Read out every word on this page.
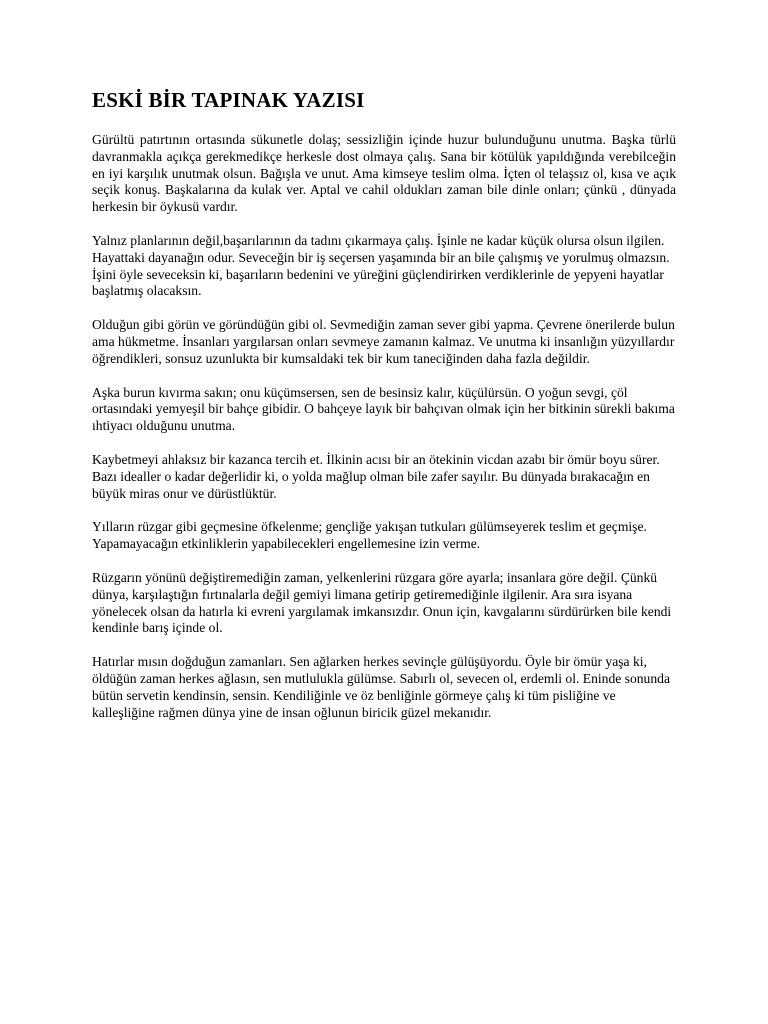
ESKİ BİR TAPINAK YAZISI

Gürültü patırtının ortasında sükunetle dolaş; sessizliğin içinde huzur bulunduğunu unutma. Başka türlü davranmakla açıkça gerekmedikçe herkesle dost olmaya çalış. Sana bir kötülük yapıldığında verebilceğin en iyi karşılık unutmak olsun. Bağışla ve unut. Ama kimseye teslim olma. İçten ol telaşsız ol, kısa ve açık seçik konuş. Başkalarına da kulak ver. Aptal ve cahil oldukları zaman bile dinle onları; çünkü , dünyada herkesin bir öykusü vardır.

Yalnız planlarının değil,başarılarının da tadını çıkarmaya çalış. İşinle ne kadar küçük olursa olsun ilgilen. Hayattaki dayanağın odur. Seveceğin bir iş seçersen yaşamında bir an bile çalışmış ve yorulmuş olmazsın. İşini öyle seveceksin ki, başarıların bedenini ve yüreğini güçlendirirken verdiklerinle de yepyeni hayatlar başlatmış olacaksın.

Olduğun gibi görün ve göründüğün gibi ol. Sevmediğin zaman sever gibi yapma. Çevrene önerilerde bulun ama hükmetme. İnsanları yargılarsan onları sevmeye zamanın kalmaz. Ve unutma ki insanlığın yüzyıllardır öğrendikleri, sonsuz uzunlukta bir kumsaldaki tek bir kum taneciğinden daha fazla değildir.

Aşka burun kıvırma sakın; onu küçümsersen, sen de besinsiz kalır, küçülürsün. O yoğun sevgi, çöl ortasındaki yemyeşil bir bahçe gibidir. O bahçeye layık bir bahçıvan olmak için her bitkinin sürekli bakıma ıhtiyacı olduğunu unutma.

Kaybetmeyi ahlaksız bir kazanca tercih et. İlkinin acısı bir an ötekinin vicdan azabı bir ömür boyu sürer. Bazı idealler o kadar değerlidir ki, o yolda mağlup olman bile zafer sayılır. Bu dünyada bırakacağın en büyük miras onur ve dürüstlüktür.

Yılların rüzgar gibi geçmesine öfkelenme; gençliğe yakışan tutkuları gülümseyerek teslim et geçmişe. Yapamayacağın etkinliklerin yapabilecekleri engellemesine izin verme.

Rüzgarın yönünü değiştiremediğin zaman, yelkenlerini rüzgara göre ayarla; insanlara göre değil. Çünkü dünya, karşılaştığın fırtınalarla değil gemiyi limana getirip getiremediğinle ilgilenir. Ara sıra isyana yönelecek olsan da hatırla ki evreni yargılamak imkansızdır. Onun için, kavgalarını sürdürürken bile kendi kendinle barış içinde ol.

Hatırlar mısın doğduğun zamanları. Sen ağlarken herkes sevinçle gülüşüyordu. Öyle bir ömür yaşa ki, öldüğün zaman herkes ağlasın, sen mutlulukla gülümse. Sabırlı ol, sevecen ol, erdemli ol. Eninde sonunda bütün servetin kendinsin, sensin. Kendiliğinle ve öz benliğinle görmeye çalış ki tüm pisliğine ve kalleşliğine rağmen dünya yine de insan oğlunun biricik güzel mekanıdır.
